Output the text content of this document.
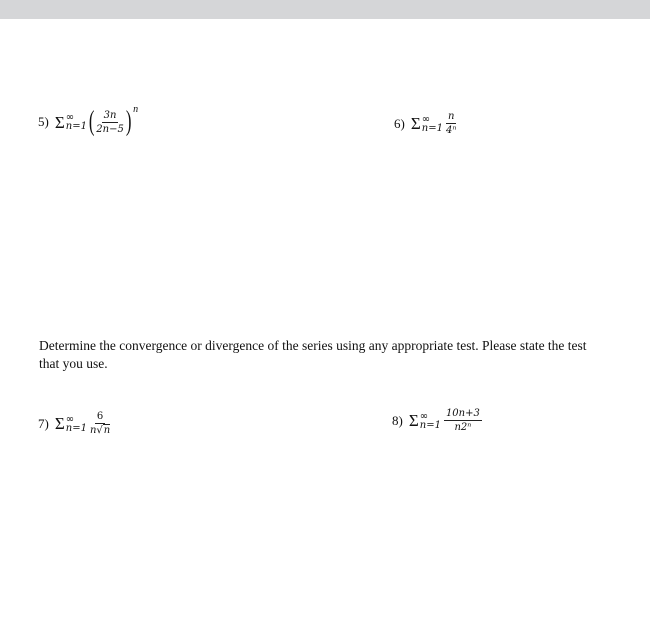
5) Σ ∞
n=1 ( $\frac{3n}{2n-5}$ ) n
6) Σ ∞
$n=1 \frac{n}{\text{4ⁿ}}$
Determine the convergence or divergence of the series using any appropriate test. Please state the test that you use.
7) Σ ∞
$n=1 \frac{6}{n√n}$	8) Σ ∞
$n=1 \frac{10n+3}{\text{n2ⁿ}}$
